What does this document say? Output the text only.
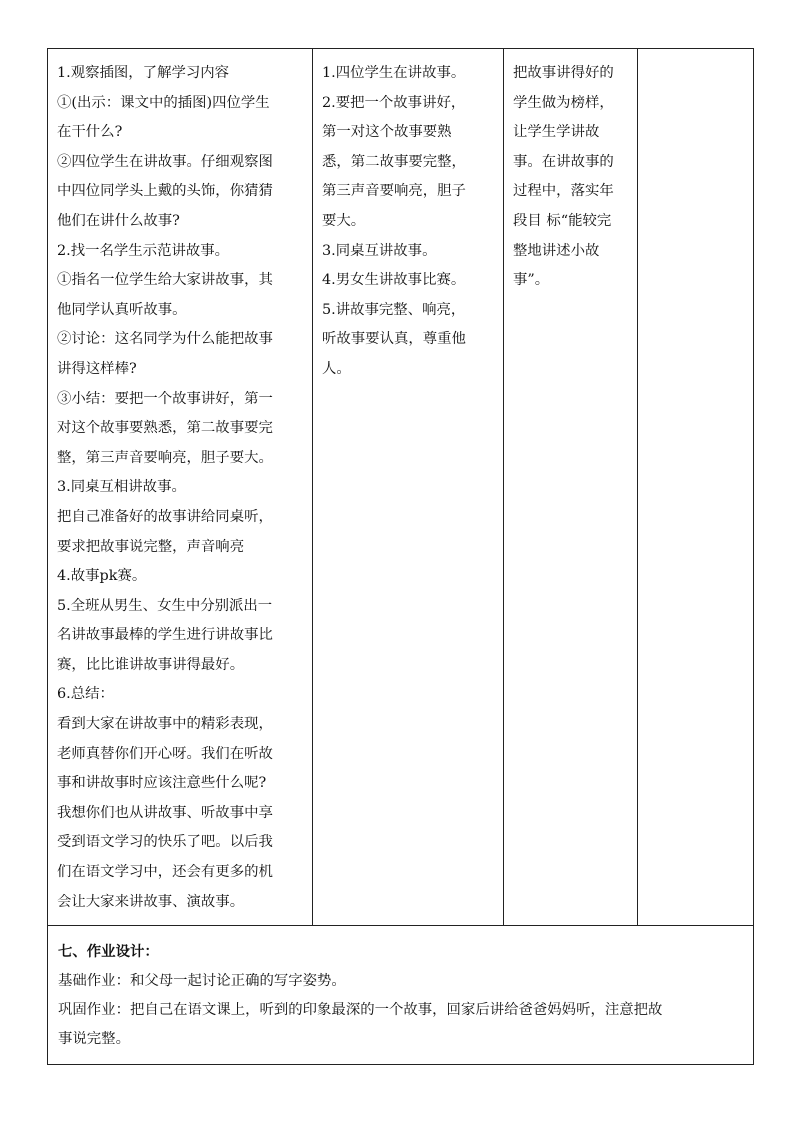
1.观察插图，了解学习内容
①(出示：课文中的插图)四位学生
在干什么?
②四位学生在讲故事。仔细观察图
中四位同学头上戴的头饰，你猜猜
他们在讲什么故事?
2.找一名学生示范讲故事。
①指名一位学生给大家讲故事，其
他同学认真听故事。
②讨论：这名同学为什么能把故事
讲得这样棒?
③小结：要把一个故事讲好，第一
对这个故事要熟悉，第二故事要完
整，第三声音要响亮，胆子要大。
3.同桌互相讲故事。
把自己准备好的故事讲给同桌听，
要求把故事说完整，声音响亮
4.故事pk赛。
5.全班从男生、女生中分别派出一
名讲故事最棒的学生进行讲故事比
赛，比比谁讲故事讲得最好。
6.总结：
看到大家在讲故事中的精彩表现，
老师真替你们开心呀。我们在听故
事和讲故事时应该注意些什么呢?
我想你们也从讲故事、听故事中享
受到语文学习的快乐了吧。以后我
们在语文学习中，还会有更多的机
会让大家来讲故事、演故事。

1.四位学生在讲故事。
2.要把一个故事讲好，
第一对这个故事要熟
悉，第二故事要完整，
第三声音要响亮，胆子
要大。
3.同桌互讲故事。
4.男女生讲故事比赛。
5.讲故事完整、响亮，
听故事要认真，尊重他
人。

把故事讲得好的
学生做为榜样，
让学生学讲故
事。在讲故事的
过程中，落实年
段目 标“能较完
整地讲述小故
事”。

七、作业设计：
基础作业：和父母一起讨论正确的写字姿势。
巩固作业：把自己在语文课上，听到的印象最深的一个故事，回家后讲给爸爸妈妈听，注意把故
事说完整。
